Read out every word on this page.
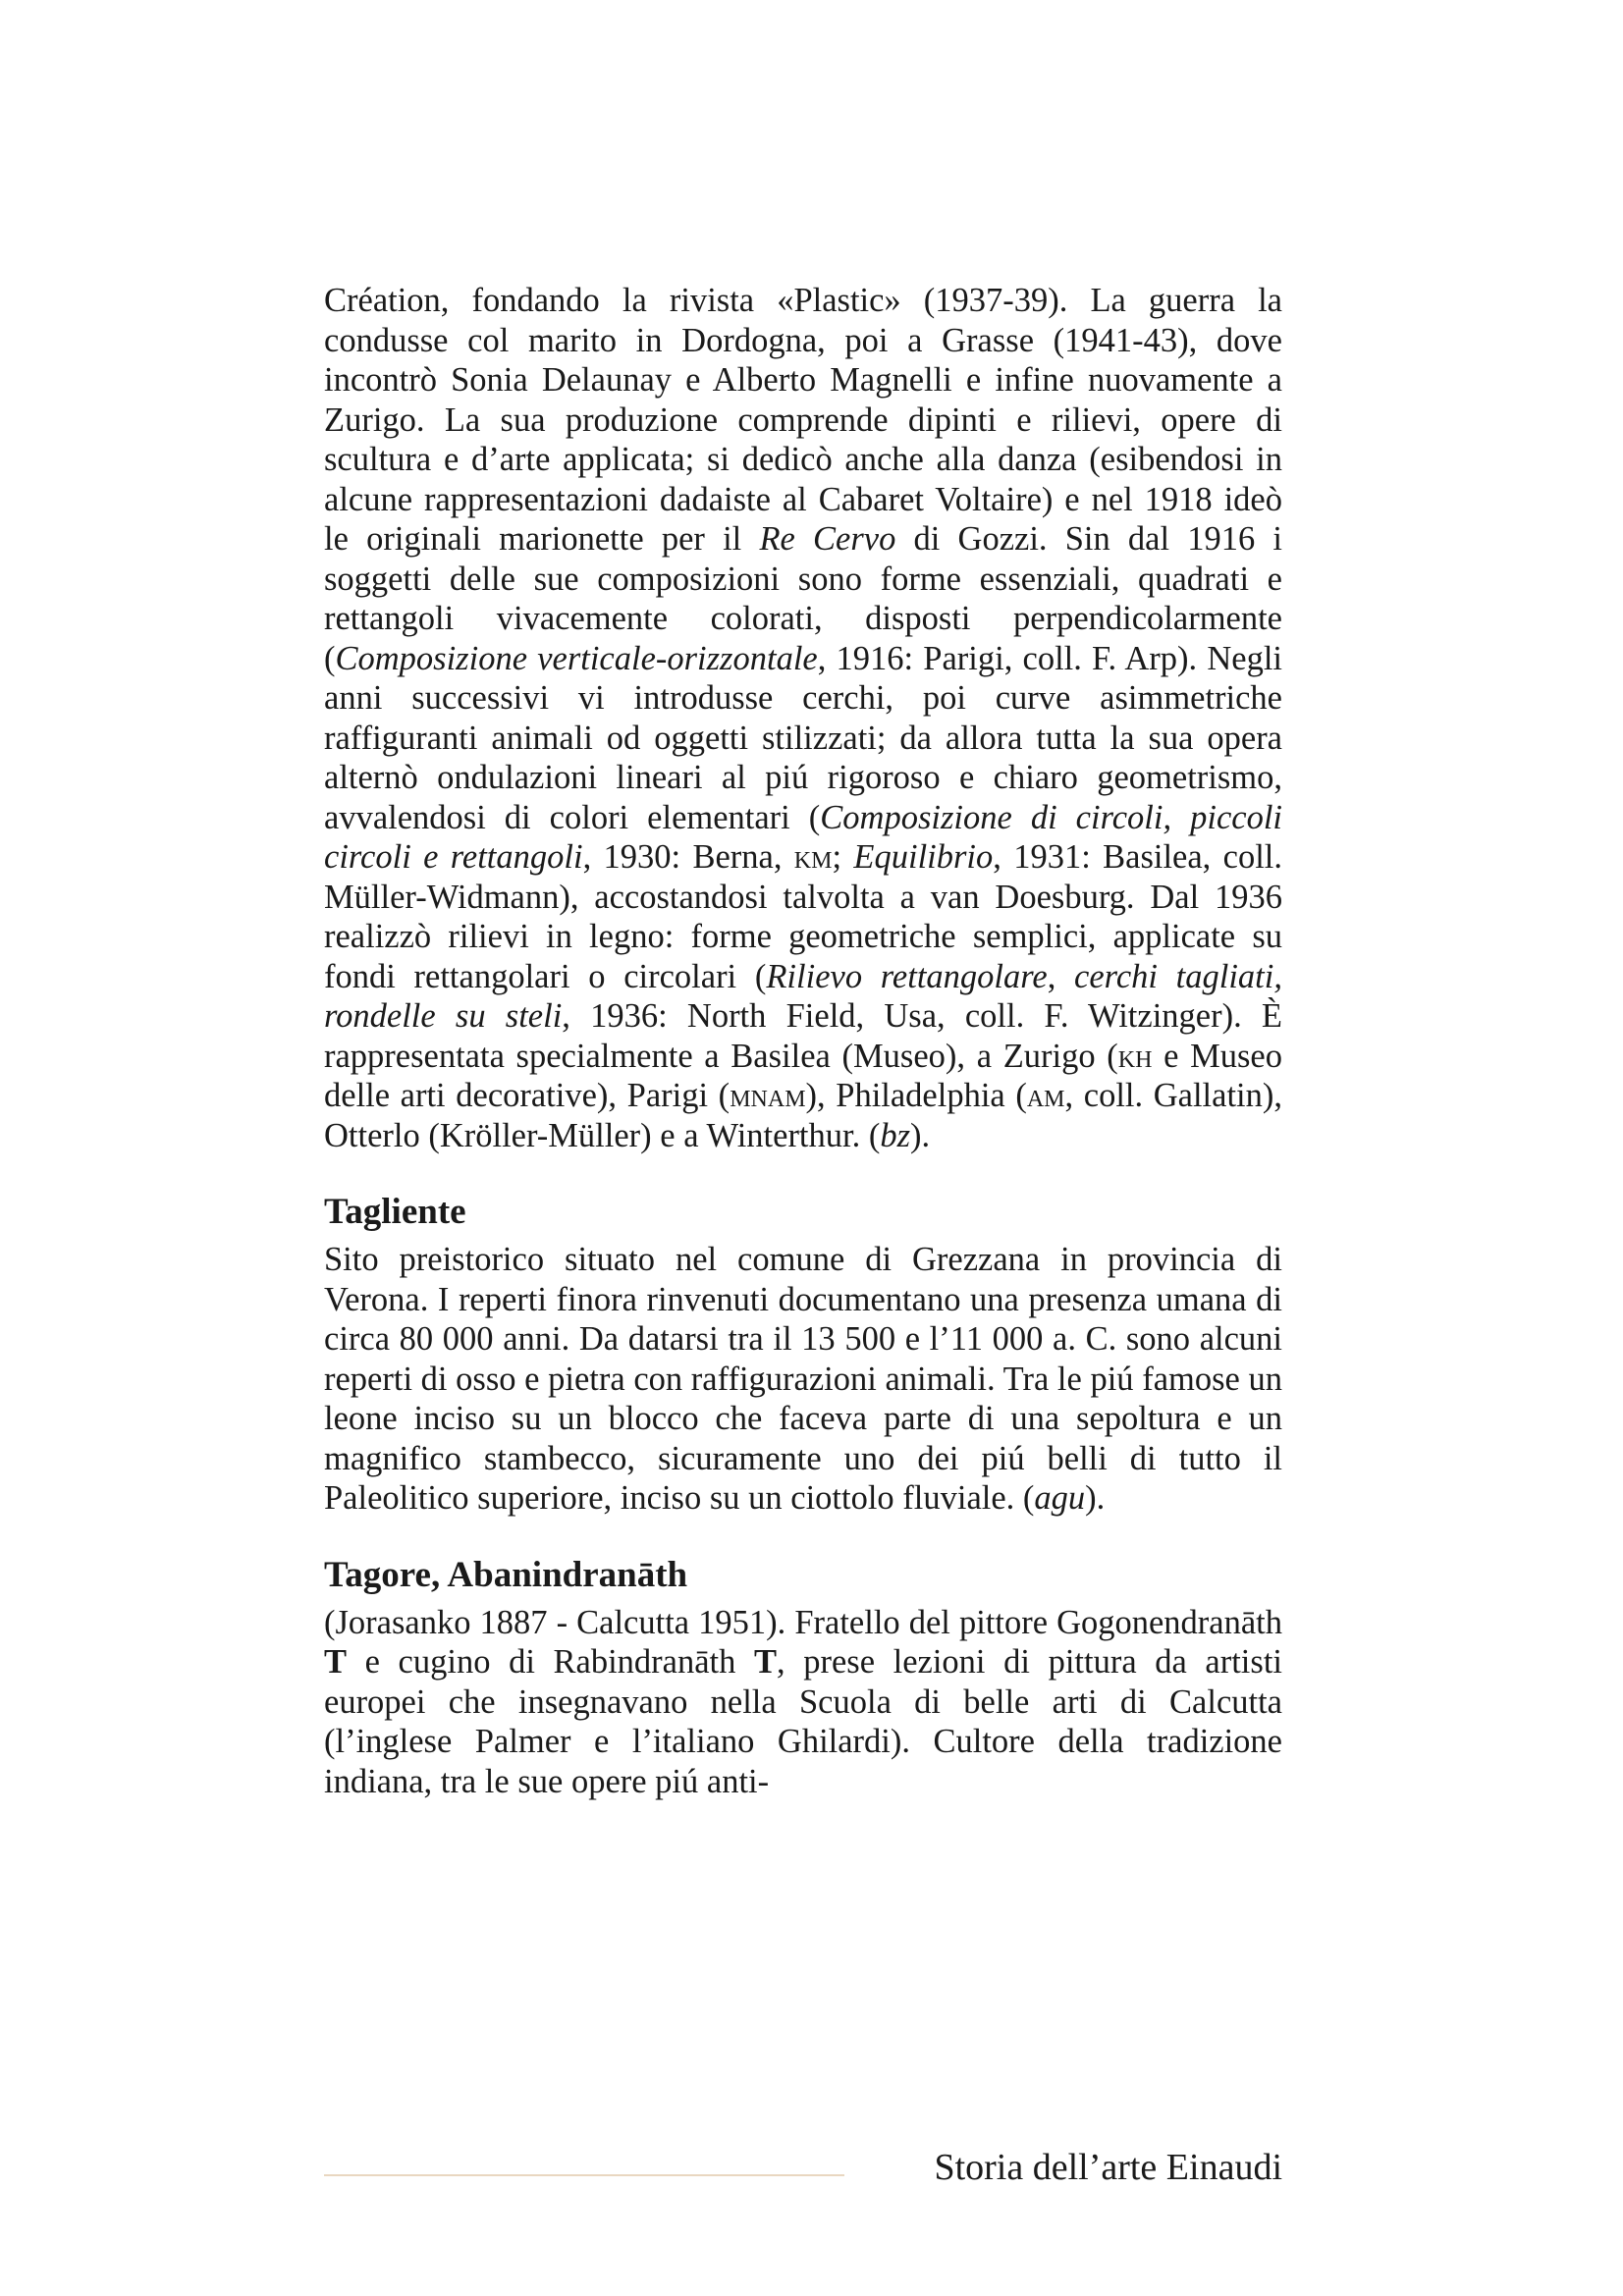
Création, fondando la rivista «Plastic» (1937-39). La guerra la condusse col marito in Dordogna, poi a Grasse (1941-43), dove incontrò Sonia Delaunay e Alberto Magnelli e infine nuovamente a Zurigo. La sua produzione comprende dipinti e rilievi, opere di scultura e d’arte applicata; si dedicò anche alla danza (esibendosi in alcune rappresentazioni dadaiste al Cabaret Voltaire) e nel 1918 ideò le originali marionette per il Re Cervo di Gozzi. Sin dal 1916 i soggetti delle sue composizioni sono forme essenziali, quadrati e rettangoli vivacemente colorati, disposti perpendicolarmente (Composizione verticale-orizzontale, 1916: Parigi, coll. F. Arp). Negli anni successivi vi introdusse cerchi, poi curve asimmetriche raffiguranti animali od oggetti stilizzati; da allora tutta la sua opera alternò ondulazioni lineari al piú rigoroso e chiaro geometrismo, avvalendosi di colori elementari (Composizione di circoli, piccoli circoli e rettangoli, 1930: Berna, km; Equilibrio, 1931: Basilea, coll. Müller-Widmann), accostandosi talvolta a van Doesburg. Dal 1936 realizzò rilievi in legno: forme geometriche semplici, applicate su fondi rettangolari o circolari (Rilievo rettangolare, cerchi tagliati, rondelle su steli, 1936: North Field, Usa, coll. F. Witzinger). È rappresentata specialmente a Basilea (Museo), a Zurigo (kh e Museo delle arti decorative), Parigi (mnam), Philadelphia (am, coll. Gallatin), Otterlo (Kröller-Müller) e a Winterthur. (bz).

Tagliente

Sito preistorico situato nel comune di Grezzana in provincia di Verona. I reperti finora rinvenuti documentano una presenza umana di circa 80 000 anni. Da datarsi tra il 13 500 e l’11 000 a. C. sono alcuni reperti di osso e pietra con raffigurazioni animali. Tra le piú famose un leone inciso su un blocco che faceva parte di una sepoltura e un magnifico stambecco, sicuramente uno dei piú belli di tutto il Paleolitico superiore, inciso su un ciottolo fluviale. (agu).

Tagore, Abanindranāth

(Jorasanko 1887 - Calcutta 1951). Fratello del pittore Gogonendranāth T e cugino di Rabindranāth T, prese lezioni di pittura da artisti europei che insegnavano nella Scuola di belle arti di Calcutta (l’inglese Palmer e l’italiano Ghilardi). Cultore della tradizione indiana, tra le sue opere piú anti-

Storia dell’arte Einaudi
